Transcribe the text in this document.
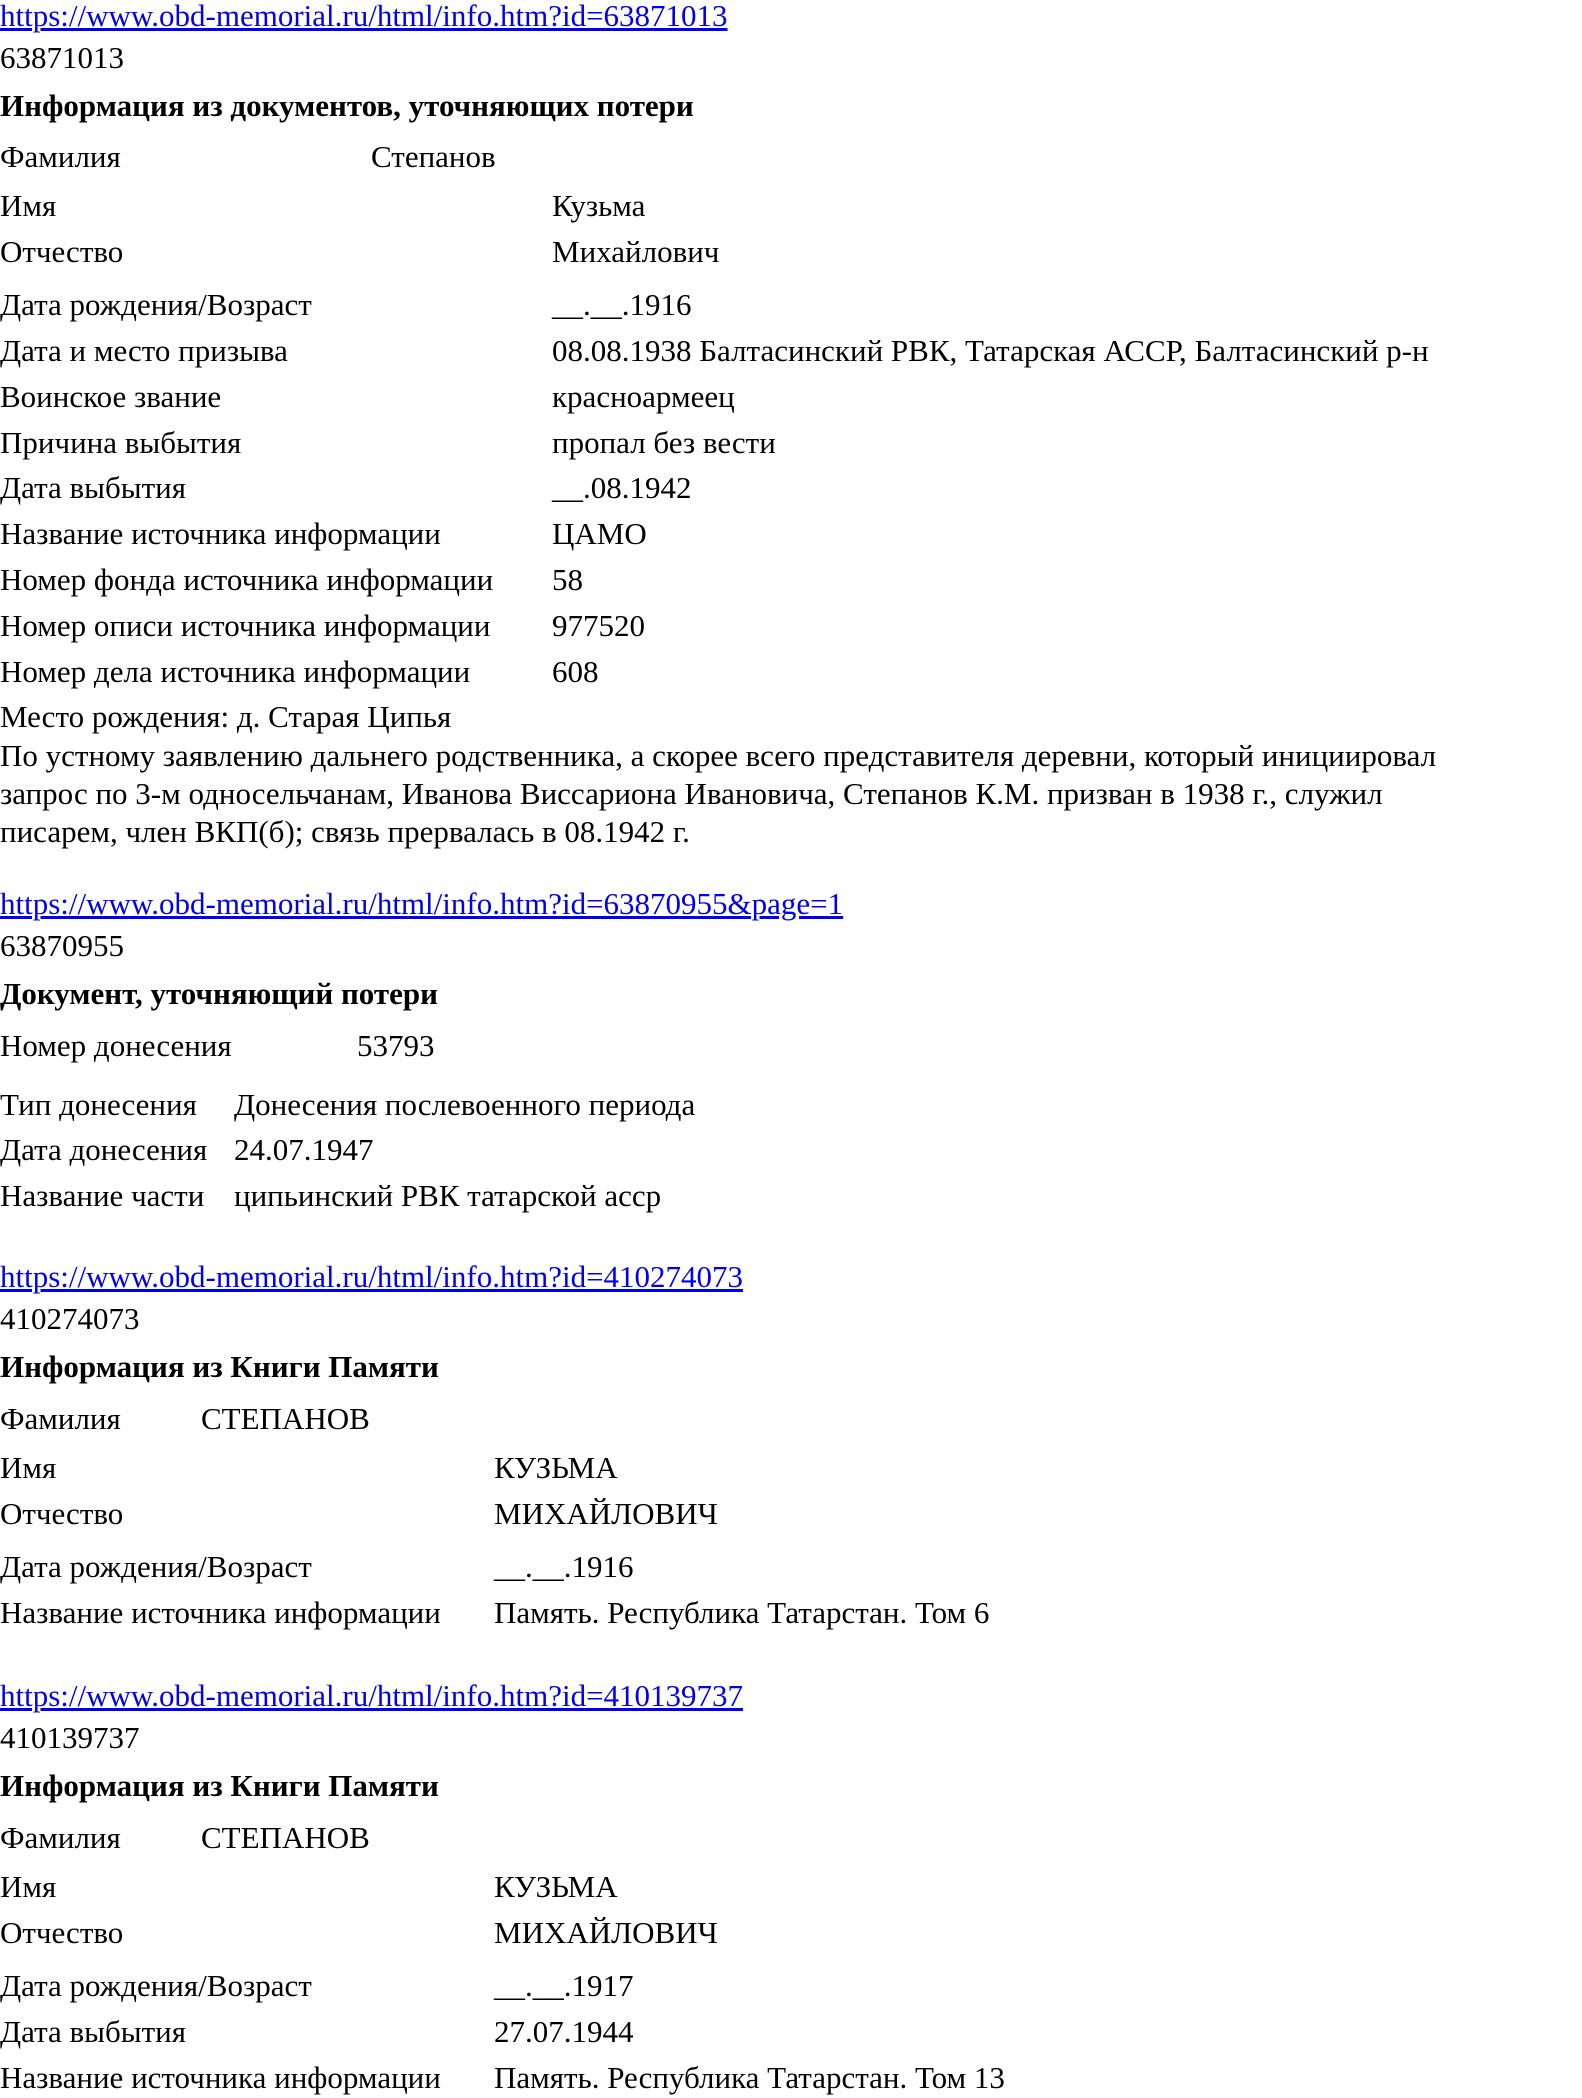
https://www.obd-memorial.ru/html/info.htm?id=63871013
63871013
Информация из документов, уточняющих потери
Фамилия	Степанов
Имя	Кузьма
Отчество	Михайлович
Дата рождения/Возраст	__.__.1916
Дата и место призыва	08.08.1938 Балтасинский РВК, Татарская АССР, Балтасинский р-н
Воинское звание	красноармеец
Причина выбытия	пропал без вести
Дата выбытия	__.08.1942
Название источника информации	ЦАМО
Номер фонда источника информации 58
Номер описи источника информации 977520
Номер дела источника информации	608
Место рождения: д. Старая Ципья
По устному заявлению дальнего родственника, а скорее всего представителя деревни, который инициировал
запрос по 3-м односельчанам, Иванова Виссариона Ивановича, Степанов К.М. призван в 1938 г., служил
писарем, член ВКП(б); связь прервалась в 08.1942 г.
https://www.obd-memorial.ru/html/info.htm?id=63870955&page=1
63870955
Документ, уточняющий потери
Номер донесения	53793
Тип донесения Донесения послевоенного периода
Дата донесения 24.07.1947
Название части ципьинский РВК татарской асср
https://www.obd-memorial.ru/html/info.htm?id=410274073
410274073
Информация из Книги Памяти
Фамилия	СТЕПАНОВ
Имя	КУЗЬМА
Отчество	МИХАЙЛОВИЧ
Дата рождения/Возраст	__.__.1916
Название источника информации Память. Республика Татарстан. Том 6
https://www.obd-memorial.ru/html/info.htm?id=410139737
410139737
Информация из Книги Памяти
Фамилия	СТЕПАНОВ
Имя	КУЗЬМА
Отчество	МИХАЙЛОВИЧ
Дата рождения/Возраст	__.__.1917
Дата выбытия	27.07.1944
Название источника информации Память. Республика Татарстан. Том 13
